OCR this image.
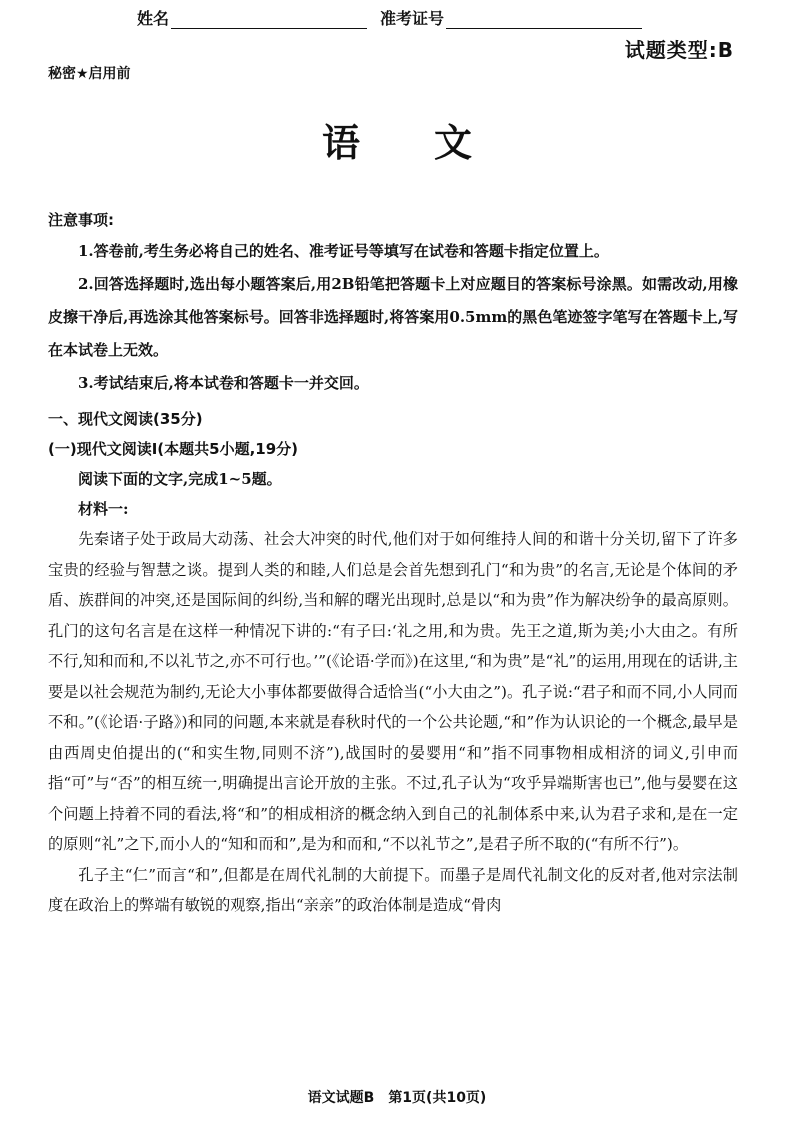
姓名	准考证号
试题类型:B
秘密★启用前
语 文
注意事项:
1.答卷前,考生务必将自己的姓名、准考证号等填写在试卷和答题卡指定位置上。
2.回答选择题时,选出每小题答案后,用2B铅笔把答题卡上对应题目的答案标号涂黑。如需改动,用橡皮擦干净后,再选涂其他答案标号。回答非选择题时,将答案用0.5mm的黑色笔迹签字笔写在答题卡上,写在本试卷上无效。
3.考试结束后,将本试卷和答题卡一并交回。
一、现代文阅读(35分)
(一)现代文阅读Ⅰ(本题共5小题,19分)
阅读下面的文字,完成1~5题。
材料一:
先秦诸子处于政局大动荡、社会大冲突的时代,他们对于如何维持人间的和谐十分关切,留下了许多宝贵的经验与智慧之谈。提到人类的和睦,人们总是会首先想到孔门“和为贵”的名言,无论是个体间的矛盾、族群间的冲突,还是国际间的纠纷,当和解的曙光出现时,总是以“和为贵”作为解决纷争的最高原则。孔门的这句名言是在这样一种情况下讲的:“有子曰:‘礼之用,和为贵。先王之道,斯为美;小大由之。有所不行,知和而和,不以礼节之,亦不可行也。’”(《论语·学而》)在这里,“和为贵”是“礼”的运用,用现在的话讲,主要是以社会规范为制约,无论大小事体都要做得合适恰当(“小大由之”)。孔子说:“君子和而不同,小人同而不和。”(《论语·子路》)和同的问题,本来就是春秋时代的一个公共论题,“和”作为认识论的一个概念,最早是由西周史伯提出的(“和实生物,同则不济”),战国时的晏婴用“和”指不同事物相成相济的词义,引申而指“可”与“否”的相互统一,明确提出言论开放的主张。不过,孔子认为“攻乎异端斯害也已”,他与晏婴在这个问题上持着不同的看法,将“和”的相成相济的概念纳入到自己的礼制体系中来,认为君子求和,是在一定的原则“礼”之下,而小人的“知和而和”,是为和而和,“不以礼节之”,是君子所不取的(“有所不行”)。
孔子主“仁”而言“和”,但都是在周代礼制的大前提下。而墨子是周代礼制文化的反对者,他对宗法制度在政治上的弊端有敏锐的观察,指出“亲亲”的政治体制是造成“骨肉
语文试题B 第1页(共10页)
